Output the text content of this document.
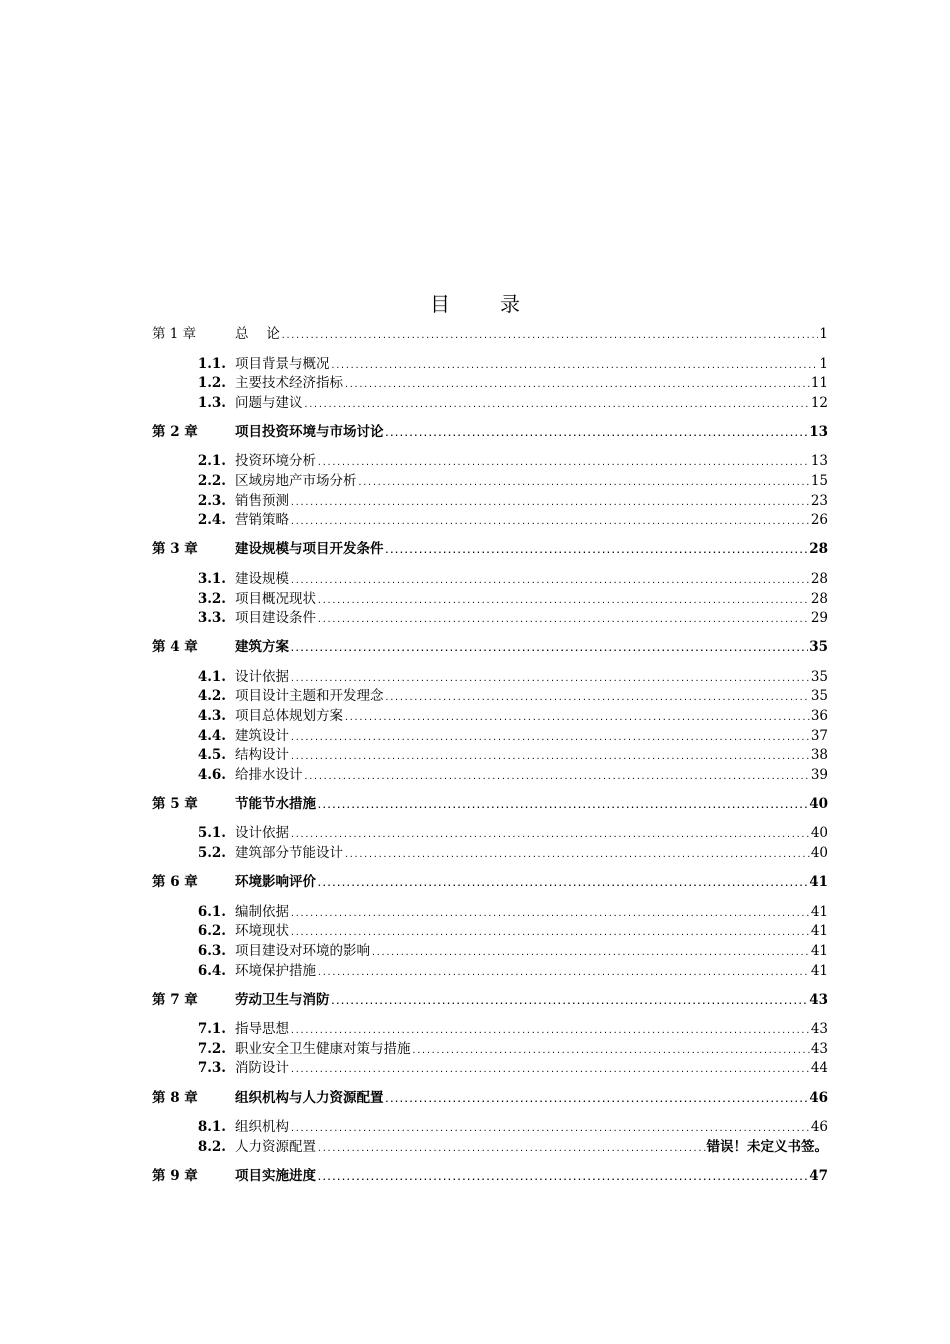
目	录
第 1 章	总　 论 .....	1
1.1. 项目背景与概况 .....	1
1.2. 主要技术经济指标 .....	11
1.3. 问题与建议 .....	12
第 2 章	项目投资环境与市场讨论 .....	13
2.1. 投资环境分析 .....	13
2.2. 区域房地产市场分析 .....	15
2.3. 销售预测 .....	23
2.4. 营销策略 .....	26
第 3 章	建设规模与项目开发条件 .....	28
3.1. 建设规模 .....	28
3.2. 项目概况现状 .....	28
3.3. 项目建设条件 .....	29
第 4 章	建筑方案 .....	35
4.1. 设计依据 .....	35
4.2. 项目设计主题和开发理念 .....	35
4.3. 项目总体规划方案 .....	36
4.4. 建筑设计 .....	37
4.5. 结构设计 .....	38
4.6. 给排水设计 .....	39
第 5 章	节能节水措施 .....	40
5.1. 设计依据 .....	40
5.2. 建筑部分节能设计 .....	40
第 6 章	环境影响评价 .....	41
6.1. 编制依据 .....	41
6.2. 环境现状 .....	41
6.3. 项目建设对环境的影响 .....	41
6.4. 环境保护措施 .....	41
第 7 章	劳动卫生与消防 .....	43
7.1. 指导思想 .....	43
7.2. 职业安全卫生健康对策与措施 .....	43
7.3. 消防设计 .....	44
第 8 章	组织机构与人力资源配置 .....	46
8.1. 组织机构 .....	46
8.2. 人力资源配置 .....	错误！未定义书签。
第 9 章	项目实施进度 .....	47
